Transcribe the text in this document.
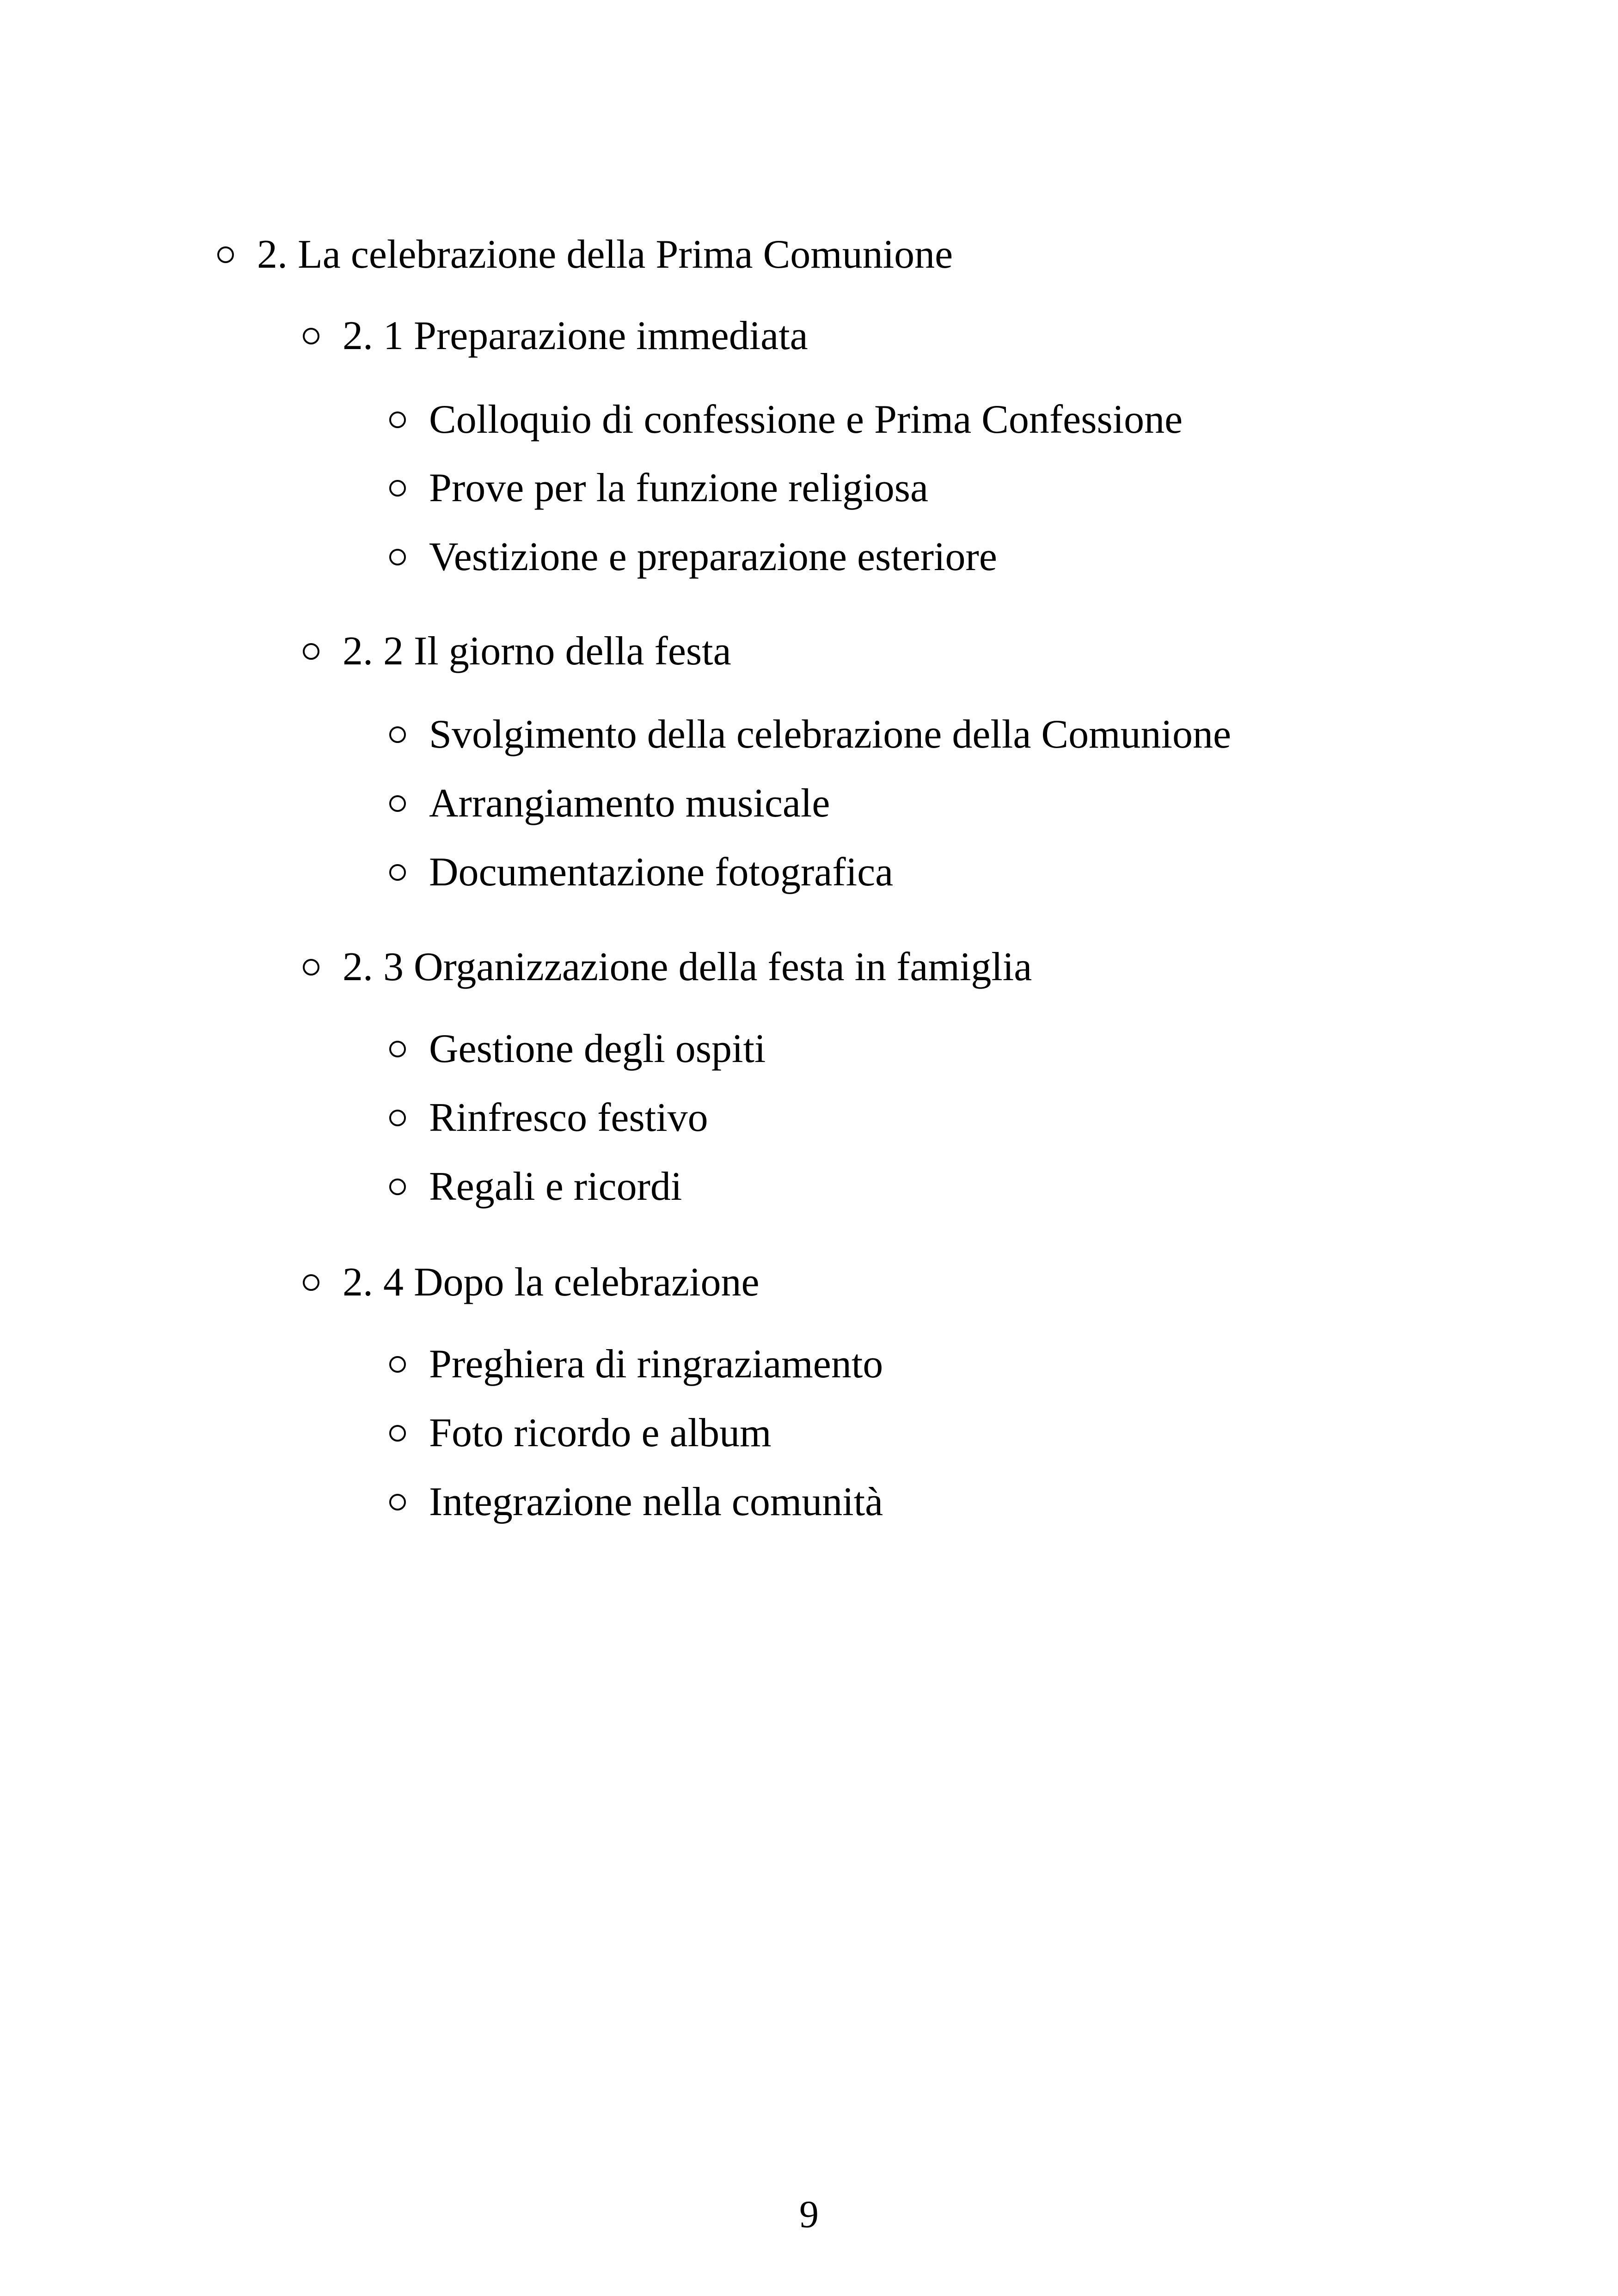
2. La celebrazione della Prima Comunione
2. 1 Preparazione immediata
Colloquio di confessione e Prima Confessione
Prove per la funzione religiosa
Vestizione e preparazione esteriore
2. 2 Il giorno della festa
Svolgimento della celebrazione della Comunione
Arrangiamento musicale
Documentazione fotografica
2. 3 Organizzazione della festa in famiglia
Gestione degli ospiti
Rinfresco festivo
Regali e ricordi
2. 4 Dopo la celebrazione
Preghiera di ringraziamento
Foto ricordo e album
Integrazione nella comunità
9
